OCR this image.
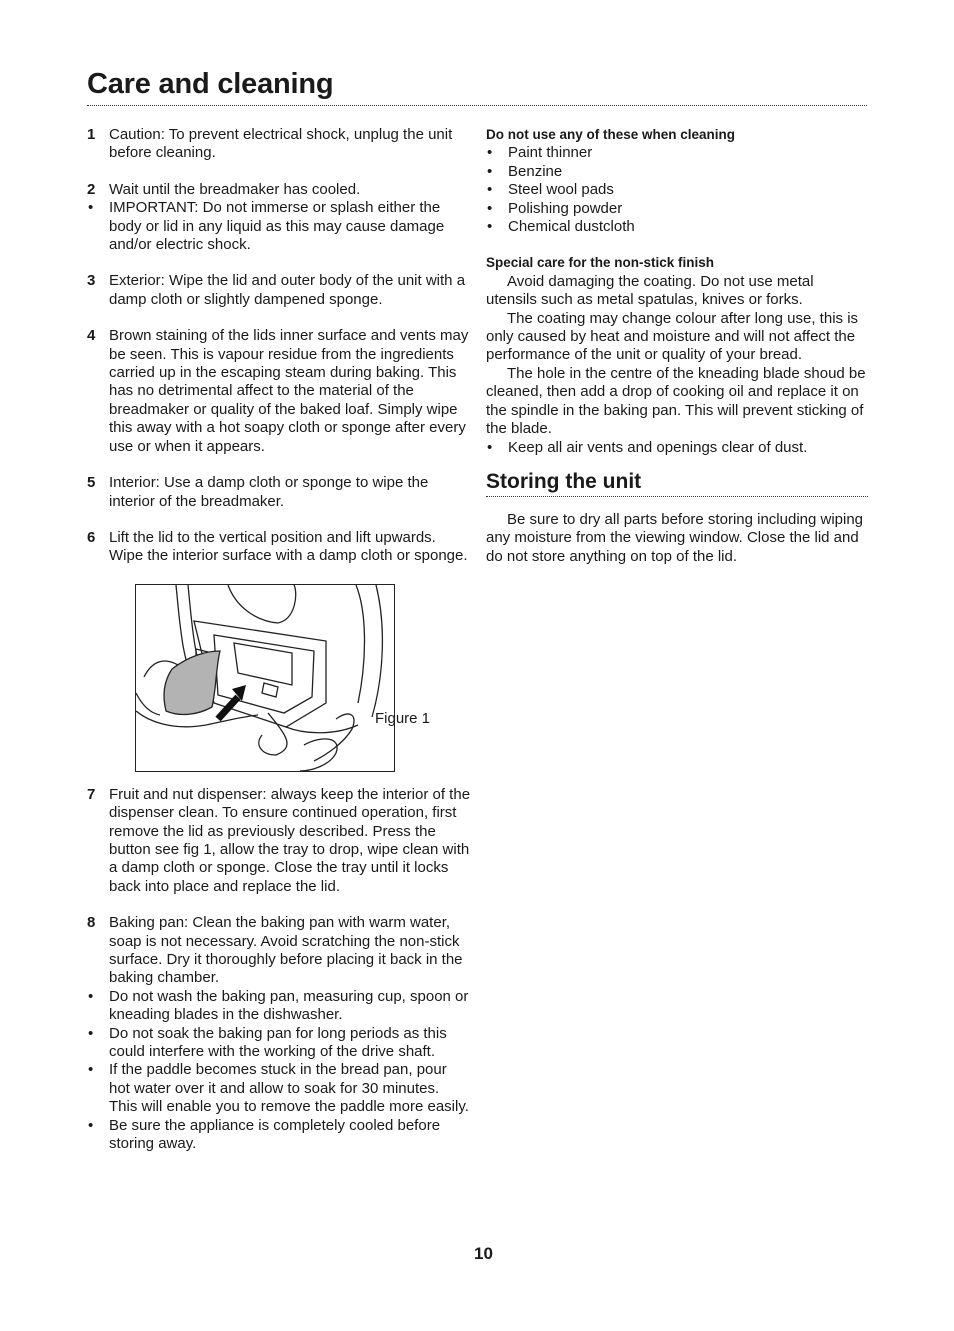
Care and cleaning
1 Caution: To prevent electrical shock, unplug the unit before cleaning.
2 Wait until the breadmaker has cooled.
• IMPORTANT: Do not immerse or splash either the body or lid in any liquid as this may cause damage and/or electric shock.
3 Exterior: Wipe the lid and outer body of the unit with a damp cloth or slightly dampened sponge.
4 Brown staining of the lids inner surface and vents may be seen. This is vapour residue from the ingredients carried up in the escaping steam during baking. This has no detrimental affect to the material of the breadmaker or quality of the baked loaf. Simply wipe this away with a hot soapy cloth or sponge after every use or when it appears.
5 Interior: Use a damp cloth or sponge to wipe the interior of the breadmaker.
6 Lift the lid to the vertical position and lift upwards. Wipe the interior surface with a damp cloth or sponge.
Figure 1
7 Fruit and nut dispenser: always keep the interior of the dispenser clean. To ensure continued operation, first remove the lid as previously described. Press the button see fig 1, allow the tray to drop, wipe clean with a damp cloth or sponge. Close the tray until it locks back into place and replace the lid.
8 Baking pan: Clean the baking pan with warm water, soap is not necessary. Avoid scratching the non-stick surface. Dry it thoroughly before placing it back in the baking chamber.
• Do not wash the baking pan, measuring cup, spoon or kneading blades in the dishwasher.
• Do not soak the baking pan for long periods as this could interfere with the working of the drive shaft.
• If the paddle becomes stuck in the bread pan, pour hot water over it and allow to soak for 30 minutes. This will enable you to remove the paddle more easily.
• Be sure the appliance is completely cooled before storing away.
Do not use any of these when cleaning
• Paint thinner
• Benzine
• Steel wool pads
• Polishing powder
• Chemical dustcloth
Special care for the non-stick finish
Avoid damaging the coating. Do not use metal utensils such as metal spatulas, knives or forks.
The coating may change colour after long use, this is only caused by heat and moisture and will not affect the performance of the unit or quality of your bread.
The hole in the centre of the kneading blade shoud be cleaned, then add a drop of cooking oil and replace it on the spindle in the baking pan. This will prevent sticking of the blade.
• Keep all air vents and openings clear of dust.
Storing the unit
Be sure to dry all parts before storing including wiping any moisture from the viewing window. Close the lid and do not store anything on top of the lid.
10
